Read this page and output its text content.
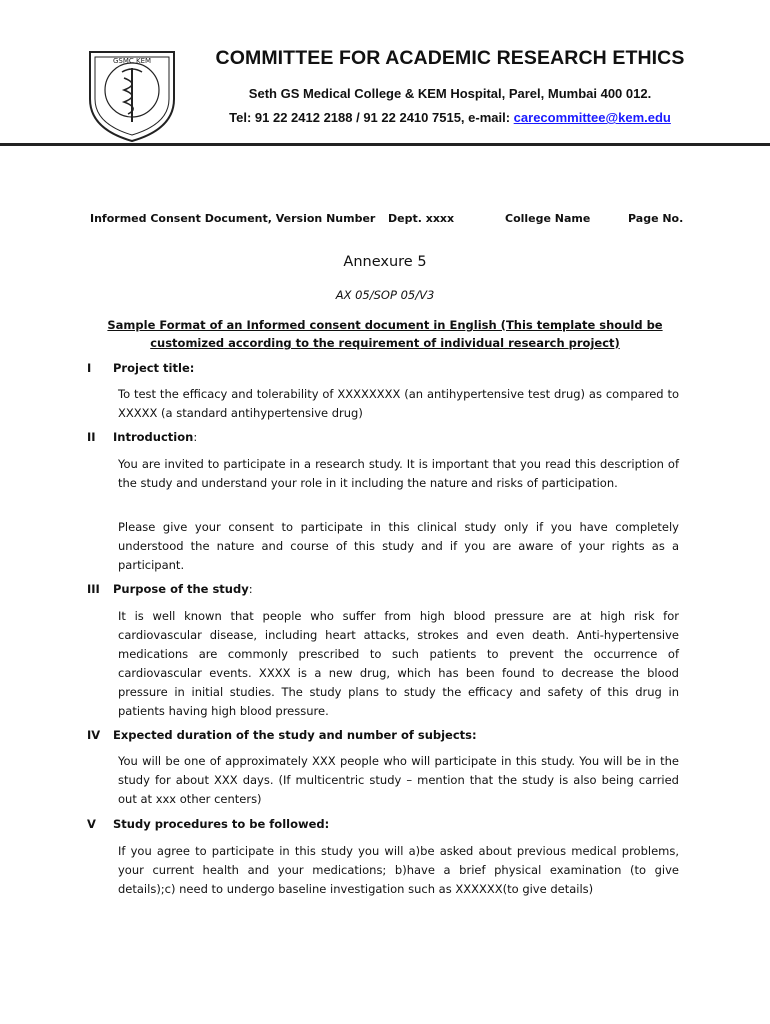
GSMC KEM	COMMITTEE FOR ACADEMIC RESEARCH ETHICS
Seth GS Medical College & KEM Hospital, Parel, Mumbai 400 012.
Tel: 91 22 2412 2188 / 91 22 2410 7515, e-mail: carecommittee@kem.edu
Informed Consent Document, Version Number Dept. xxxx	College Name	Page No.
Annexure 5
AX 05/SOP 05/V3
Sample Format of an Informed consent document in English (This template should be
customized according to the requirement of individual research project)
I Project title:
To test the efficacy and tolerability of XXXXXXXX (an antihypertensive test drug) as compared to XXXXX (a standard antihypertensive drug)
II Introduction:
You are invited to participate in a research study. It is important that you read this description of the study and understand your role in it including the nature and risks of participation.
Please give your consent to participate in this clinical study only if you have completely understood the nature and course of this study and if you are aware of your rights as a participant.
III Purpose of the study:
It is well known that people who suffer from high blood pressure are at high risk for cardiovascular disease, including heart attacks, strokes and even death. Anti-hypertensive medications are commonly prescribed to such patients to prevent the occurrence of cardiovascular events. XXXX is a new drug, which has been found to decrease the blood pressure in initial studies. The study plans to study the efficacy and safety of this drug in patients having high blood pressure.
IV Expected duration of the study and number of subjects:
You will be one of approximately XXX people who will participate in this study. You will be in the study for about XXX days. (If multicentric study – mention that the study is also being carried out at xxx other centers)
V Study procedures to be followed:
If you agree to participate in this study you will a)be asked about previous medical problems, your current health and your medications; b)have a brief physical examination (to give details);c) need to undergo baseline investigation such as XXXXXX(to give details)
